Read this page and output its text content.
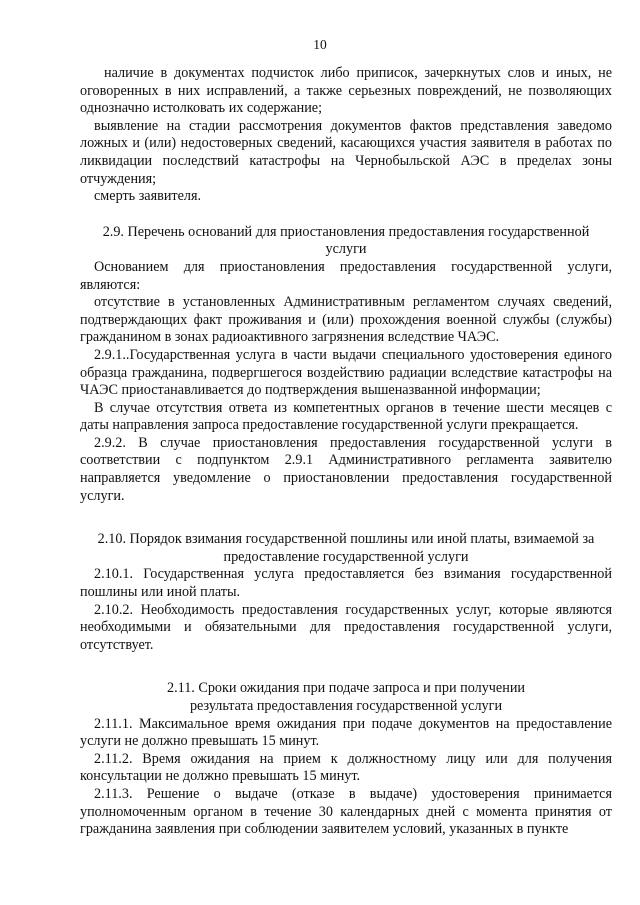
10

наличие в документах подчисток либо приписок, зачеркнутых слов и иных, не оговоренных в них исправлений, а также серьезных повреждений, не позволяющих однозначно истолковать их содержание;

выявление на стадии рассмотрения документов фактов представления заведомо ложных и (или) недостоверных сведений, касающихся участия заявителя в работах по ликвидации последствий катастрофы на Чернобыльской АЭС в пределах зоны отчуждения;

смерть заявителя.

2.9. Перечень оснований для приостановления предоставления государственной

услуги

Основанием для приостановления предоставления государственной услуги, являются:

отсутствие в установленных Административным регламентом случаях сведений, подтверждающих факт проживания и (или) прохождения военной службы (службы) гражданином в зонах радиоактивного загрязнения вследствие ЧАЭС.

2.9.1..Государственная услуга в части выдачи специального удостоверения единого образца гражданина, подвергшегося воздействию радиации вследствие катастрофы на ЧАЭС приостанавливается до подтверждения вышеназванной информации;

В случае отсутствия ответа из компетентных органов в течение шести месяцев с даты направления запроса предоставление государственной услуги прекращается.

2.9.2. В случае приостановления предоставления государственной услуги в соответствии с подпунктом 2.9.1 Административного регламента заявителю направляется уведомление о приостановлении предоставления государственной услуги.

2.10. Порядок взимания государственной пошлины или иной платы, взимаемой за

предоставление государственной услуги

2.10.1. Государственная услуга предоставляется без взимания государственной пошлины или иной платы.

2.10.2. Необходимость предоставления государственных услуг, которые являются необходимыми и обязательными для предоставления государственной услуги, отсутствует.

2.11. Сроки ожидания при подаче запроса и при получении

результата предоставления государственной услуги

2.11.1. Максимальное время ожидания при подаче документов на предоставление услуги не должно превышать 15 минут.

2.11.2. Время ожидания на прием к должностному лицу или для получения консультации не должно превышать 15 минут.

2.11.3. Решение о выдаче (отказе в выдаче) удостоверения принимается уполномоченным органом в течение 30 календарных дней с момента принятия от гражданина заявления при соблюдении заявителем условий, указанных в пункте
